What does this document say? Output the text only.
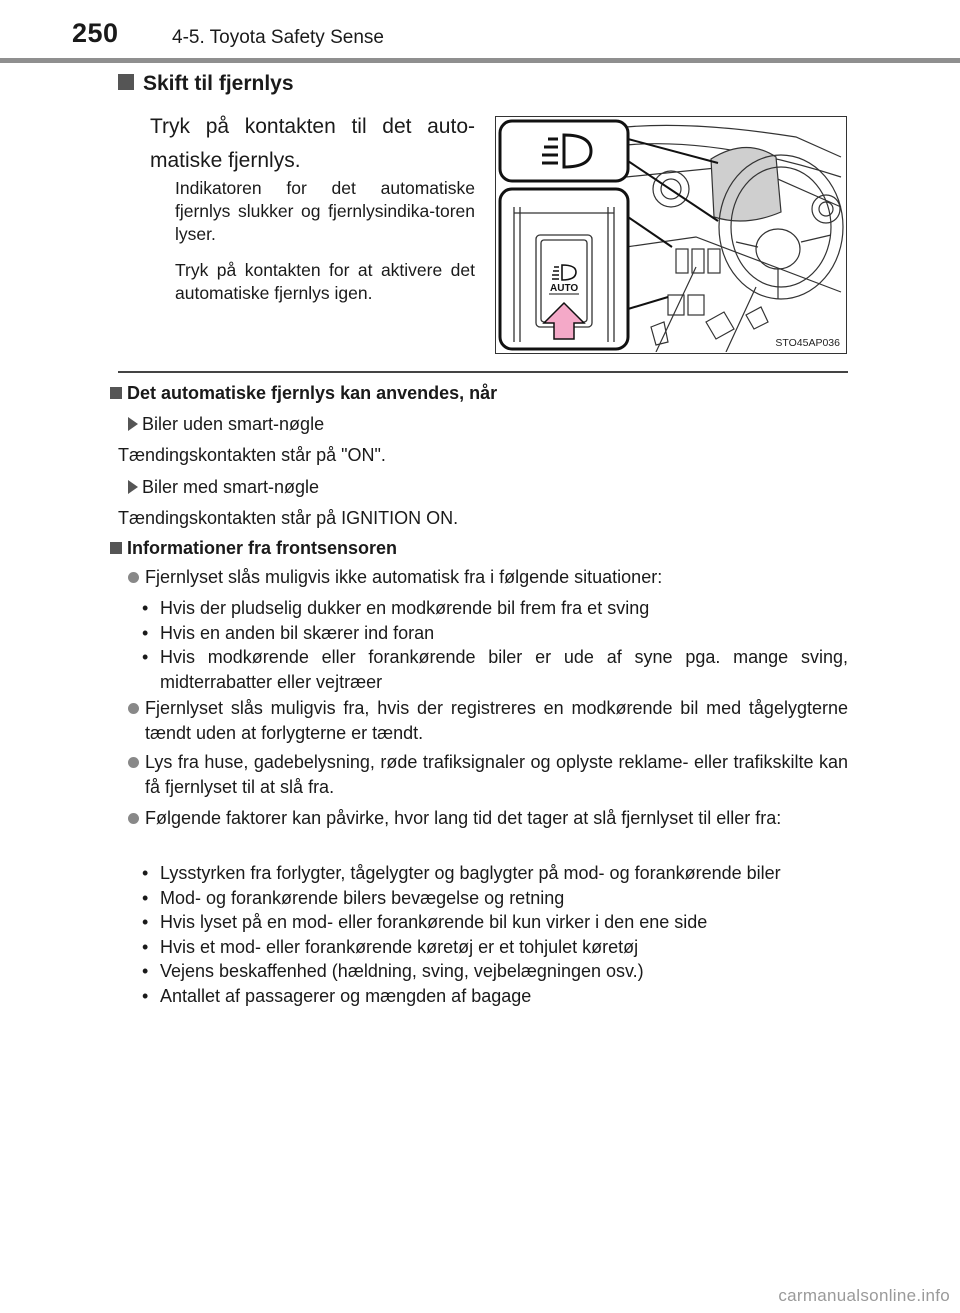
250	4-5. Toyota Safety Sense
Skift til fjernlys
Tryk på kontakten til det auto-matiske fjernlys.
Indikatoren for det automatiske fjernlys slukker og fjernlysindika-toren lyser.
Tryk på kontakten for at aktivere det automatiske fjernlys igen.	AUTO
STO45AP036
Det automatiske fjernlys kan anvendes, når
Biler uden smart-nøgle
Tændingskontakten står på "ON".
Biler med smart-nøgle
Tændingskontakten står på IGNITION ON.
Informationer fra frontsensoren
Fjernlyset slås muligvis ikke automatisk fra i følgende situationer:
• Hvis der pludselig dukker en modkørende bil frem fra et sving
• Hvis en anden bil skærer ind foran
• Hvis modkørende eller forankørende biler er ude af syne pga. mange sving, midterrabatter eller vejtræer
Fjernlyset slås muligvis fra, hvis der registreres en modkørende bil med tågelygterne tændt uden at forlygterne er tændt.
Lys fra huse, gadebelysning, røde trafiksignaler og oplyste reklame- eller trafikskilte kan få fjernlyset til at slå fra.
Følgende faktorer kan påvirke, hvor lang tid det tager at slå fjernlyset til eller fra:
• Lysstyrken fra forlygter, tågelygter og baglygter på mod- og forankørende biler
• Mod- og forankørende bilers bevægelse og retning
• Hvis lyset på en mod- eller forankørende bil kun virker i den ene side
• Hvis et mod- eller forankørende køretøj er et tohjulet køretøj
• Vejens beskaffenhed (hældning, sving, vejbelægningen osv.)
• Antallet af passagerer og mængden af bagage
carmanualsonline.info
